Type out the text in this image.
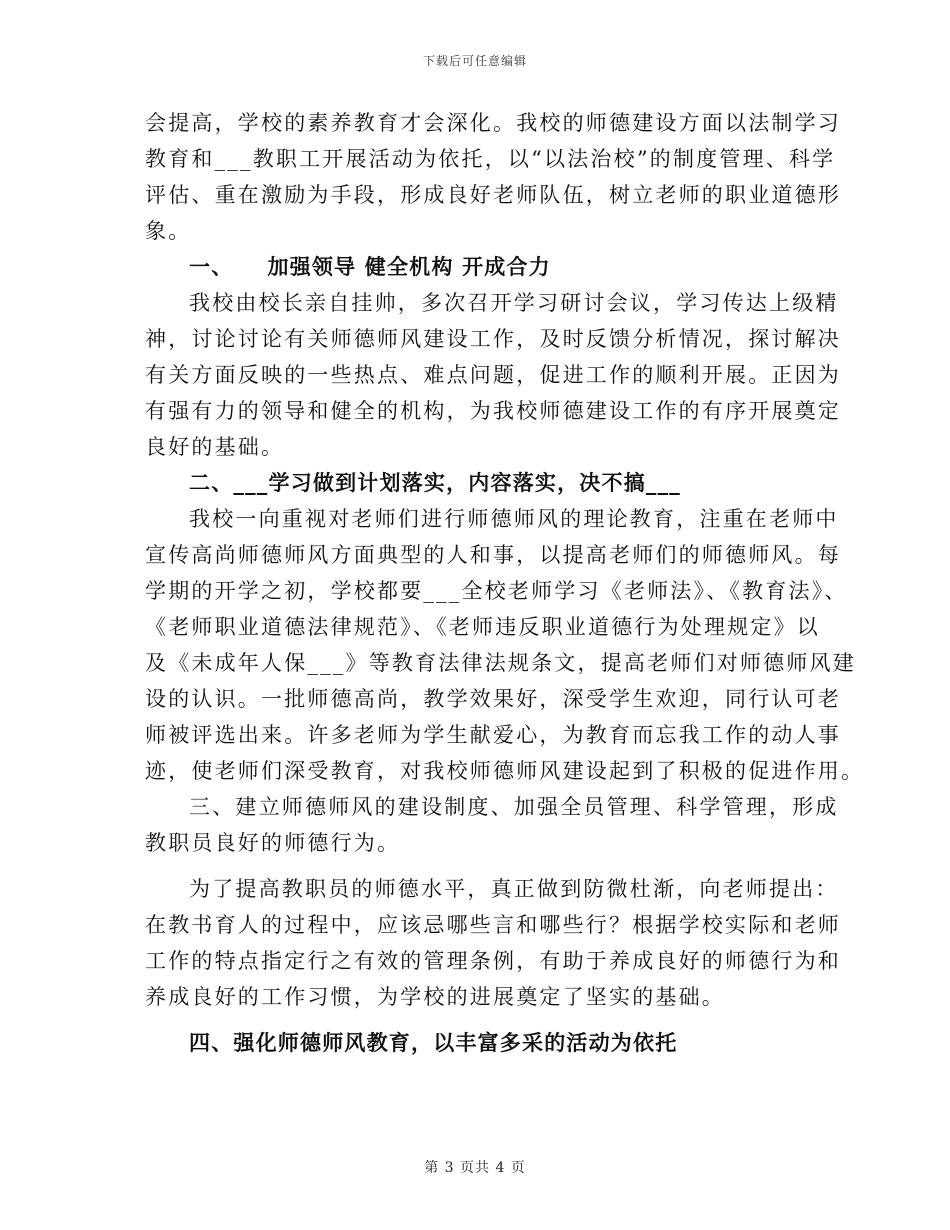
下载后可任意编辑
会提高，学校的素养教育才会深化。我校的师德建设方面以法制学习
教育和___教职工开展活动为依托，以“以法治校”的制度管理、科学
评估、重在激励为手段，形成良好老师队伍，树立老师的职业道德形
象。
一、    加强领导 健全机构 开成合力
我校由校长亲自挂帅，多次召开学习研讨会议，学习传达上级精
神，讨论讨论有关师德师风建设工作，及时反馈分析情况，探讨解决
有关方面反映的一些热点、难点问题，促进工作的顺利开展。正因为
有强有力的领导和健全的机构，为我校师德建设工作的有序开展奠定
良好的基础。
二、___学习做到计划落实，内容落实，决不搞___
我校一向重视对老师们进行师德师风的理论教育，注重在老师中
宣传高尚师德师风方面典型的人和事，以提高老师们的师德师风。每
学期的开学之初，学校都要___全校老师学习《老师法》、《教育法》、
《老师职业道德法律规范》、《老师违反职业道德行为处理规定》以
及《未成年人保___》等教育法律法规条文，提高老师们对师德师风建
设的认识。一批师德高尚，教学效果好，深受学生欢迎，同行认可老
师被评选出来。许多老师为学生献爱心，为教育而忘我工作的动人事
迹，使老师们深受教育，对我校师德师风建设起到了积极的促进作用。
三、建立师德师风的建设制度、加强全员管理、科学管理，形成
教职员良好的师德行为。
为了提高教职员的师德水平，真正做到防微杜渐，向老师提出：
在教书育人的过程中，应该忌哪些言和哪些行？根据学校实际和老师
工作的特点指定行之有效的管理条例，有助于养成良好的师德行为和
养成良好的工作习惯，为学校的进展奠定了坚实的基础。
四、强化师德师风教育，以丰富多采的活动为依托
第 3 页共 4 页
